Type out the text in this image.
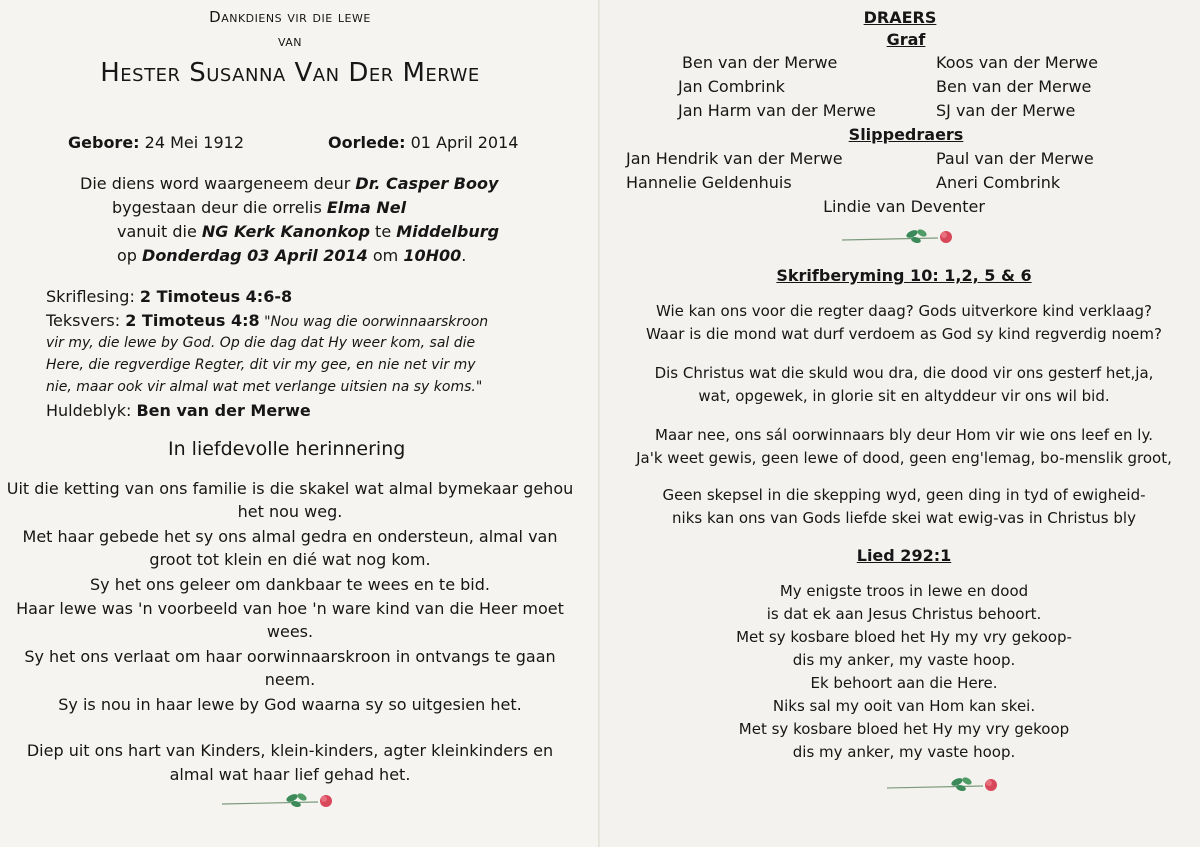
Dankdiens vir die lewe
van
Hester Susanna Van Der Merwe
Gebore: 24 Mei 1912	Oorlede: 01 April 2014
Die diens word waargeneem deur Dr. Casper Booy
bygestaan deur die orrelis Elma Nel
vanuit die NG Kerk Kanonkop te Middelburg
op Donderdag 03 April 2014 om 10H00.
Skriflesing: 2 Timoteus 4:6-8
Teksvers: 2 Timoteus 4:8 "Nou wag die oorwinnaarskroon
vir my, die lewe by God. Op die dag dat Hy weer kom, sal die
Here, die regverdige Regter, dit vir my gee, en nie net vir my
nie, maar ook vir almal wat met verlange uitsien na sy koms."
Huldeblyk: Ben van der Merwe
In liefdevolle herinnering
Uit die ketting van ons familie is die skakel wat almal bymekaar gehou
het nou weg.
Met haar gebede het sy ons almal gedra en ondersteun, almal van
groot tot klein en dié wat nog kom.
Sy het ons geleer om dankbaar te wees en te bid.
Haar lewe was 'n voorbeeld van hoe 'n ware kind van die Heer moet
wees.
Sy het ons verlaat om haar oorwinnaarskroon in ontvangs te gaan
neem.
Sy is nou in haar lewe by God waarna sy so uitgesien het.
Diep uit ons hart van Kinders, klein-kinders, agter kleinkinders en
almal wat haar lief gehad het.
DRAERS
Graf
Ben van der Merwe
Jan Combrink
Jan Harm van der Merwe
Koos van der Merwe
Ben van der Merwe
SJ van der Merwe
Slippedraers
Jan Hendrik van der Merwe
Hannelie Geldenhuis
Paul van der Merwe
Aneri Combrink
Lindie van Deventer
Skrifberyming 10: 1,2, 5 & 6
Wie kan ons voor die regter daag? Gods uitverkore kind verklaag?
Waar is die mond wat durf verdoem as God sy kind regverdig noem?
Dis Christus wat die skuld wou dra, die dood vir ons gesterf het,ja,
wat, opgewek, in glorie sit en altyddeur vir ons wil bid.
Maar nee, ons sál oorwinnaars bly deur Hom vir wie ons leef en ly.
Ja'k weet gewis, geen lewe of dood, geen eng'lemag, bo-menslik groot,
Geen skepsel in die skepping wyd, geen ding in tyd of ewigheid-
niks kan ons van Gods liefde skei wat ewig-vas in Christus bly
Lied 292:1
My enigste troos in lewe en dood
is dat ek aan Jesus Christus behoort.
Met sy kosbare bloed het Hy my vry gekoop-
dis my anker, my vaste hoop.
Ek behoort aan die Here.
Niks sal my ooit van Hom kan skei.
Met sy kosbare bloed het Hy my vry gekoop
dis my anker, my vaste hoop.
